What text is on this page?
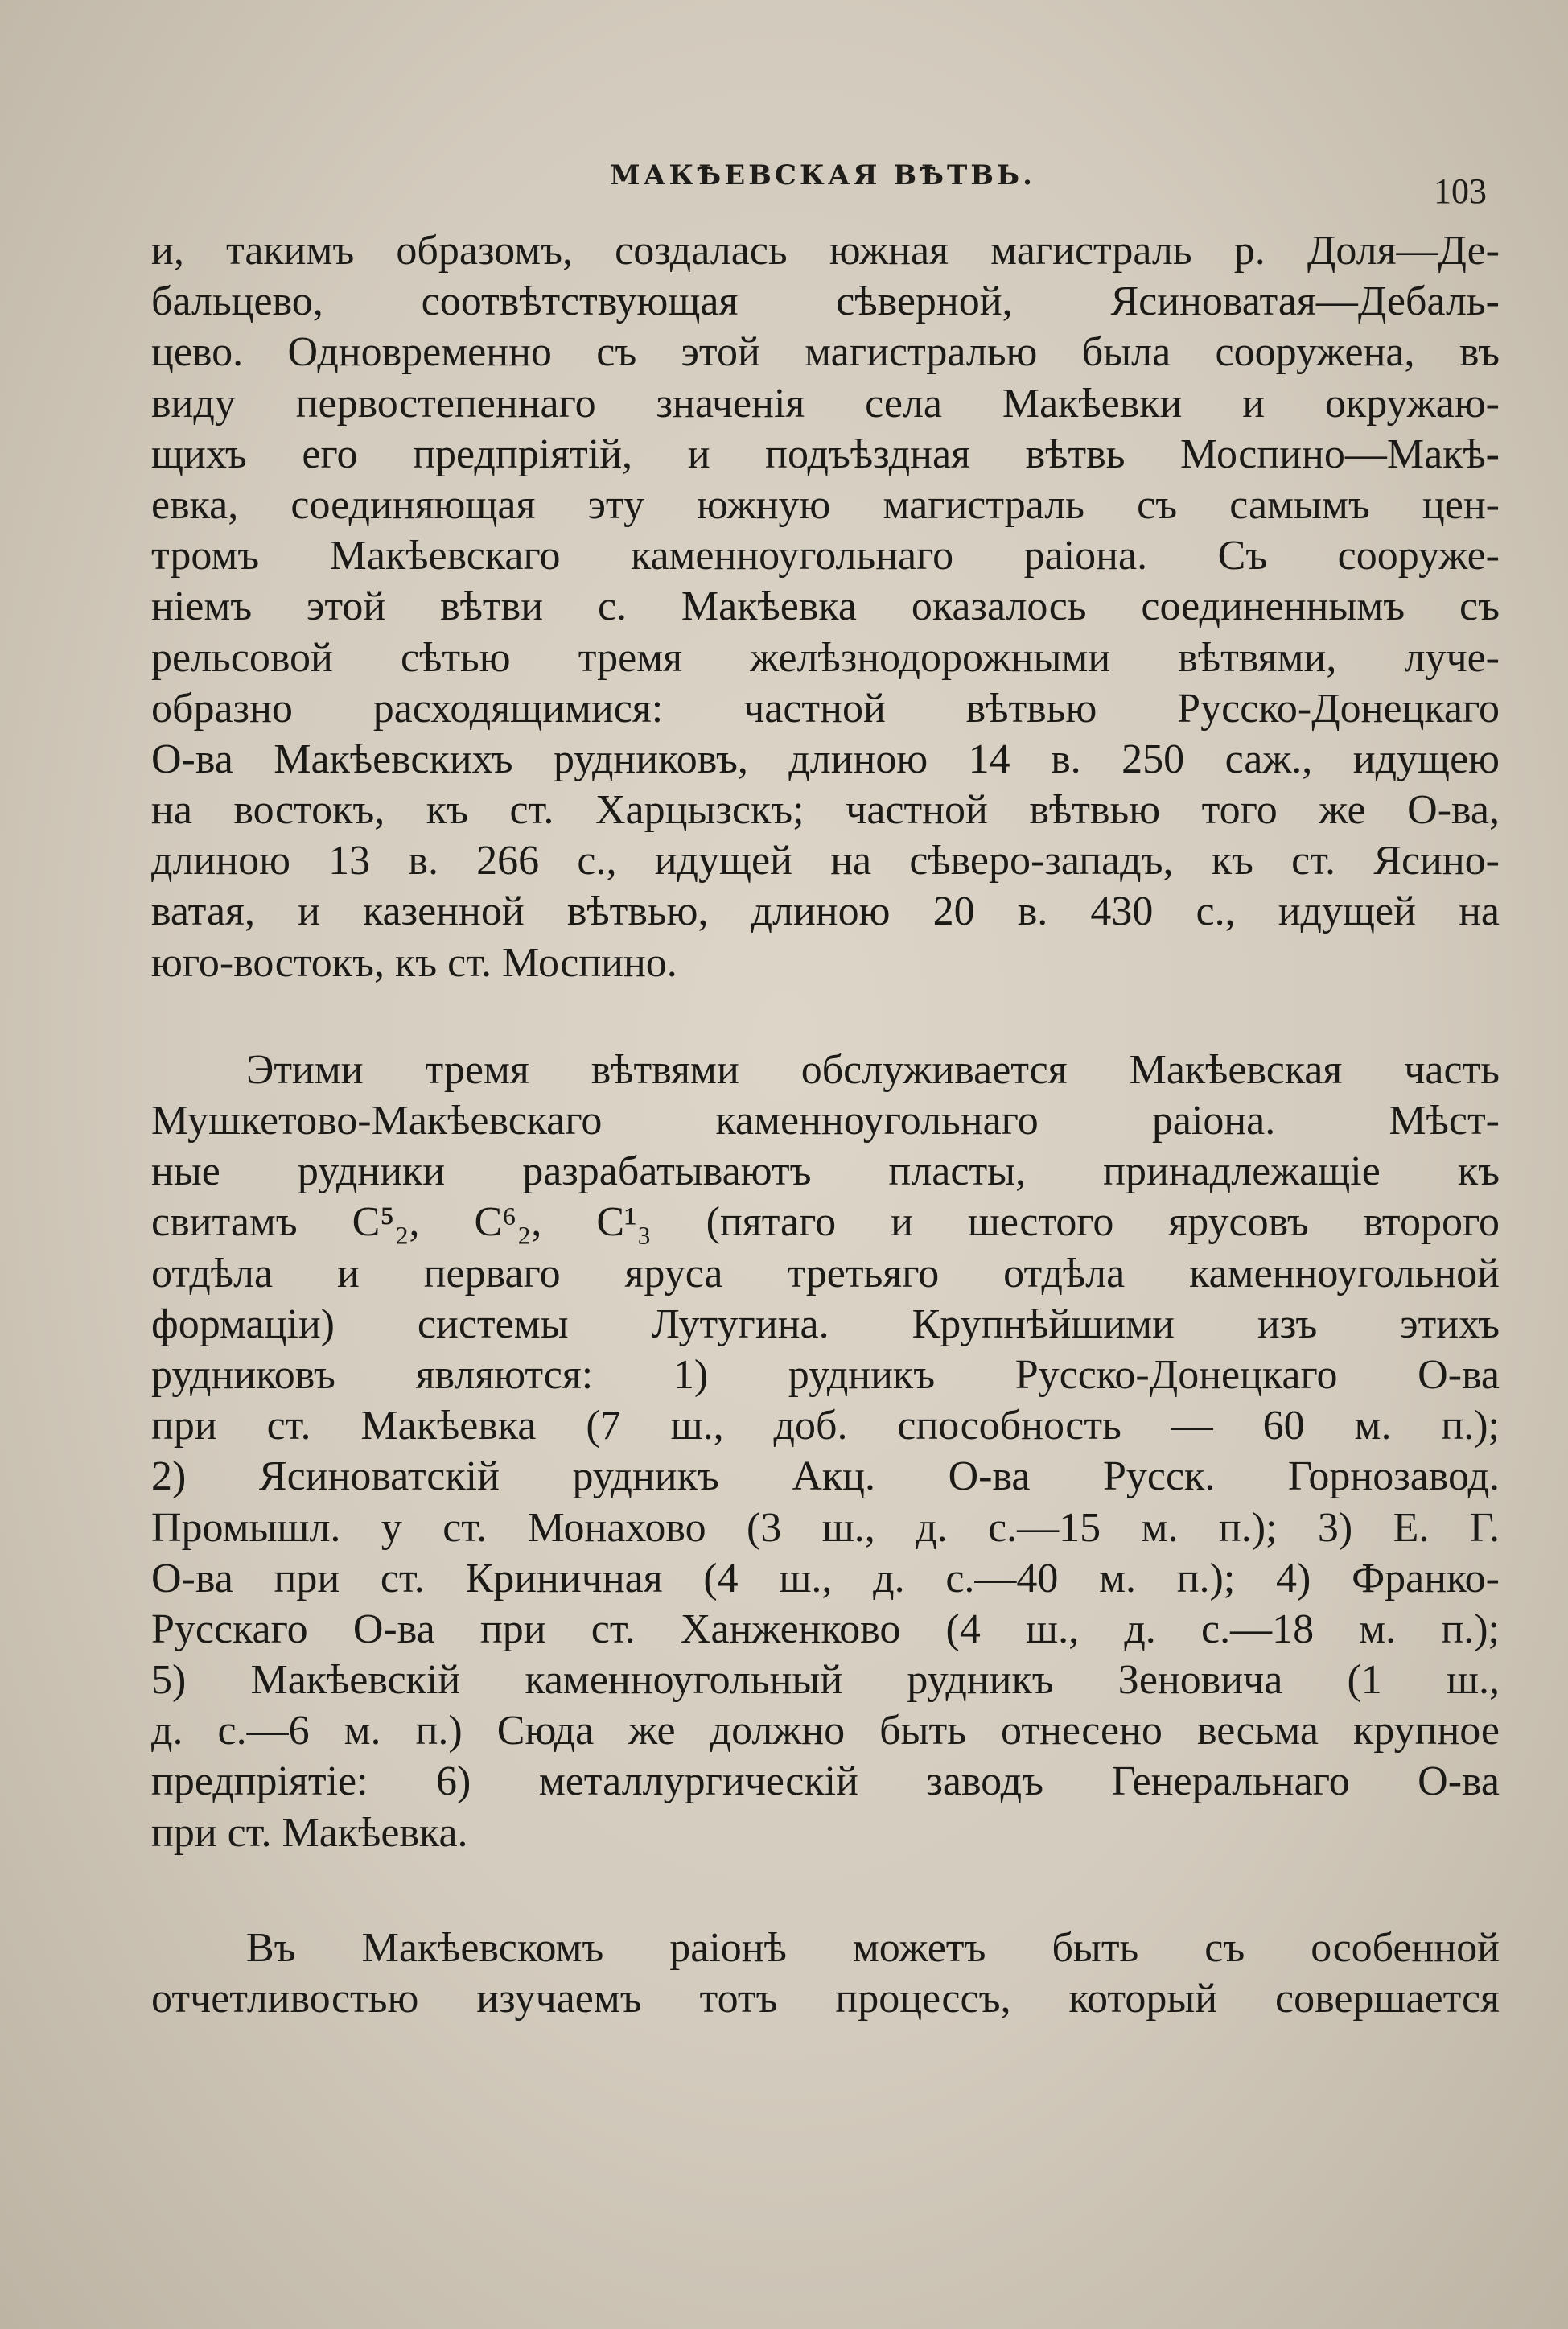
МАКѢЕВСКАЯ ВѢТВЬ.	103
и, такимъ образомъ, создалась южная магистраль р. Доля—Де-
бальцево, соотвѣтствующая сѣверной, Ясиноватая—Дебаль-
цево. Одновременно съ этой магистралью была сооружена, въ
виду первостепеннаго значенія села Макѣевки и окружаю-
щихъ его предпріятій, и подъѣздная вѣтвь Моспино—Макѣ-
евка, соединяющая эту южную магистраль съ самымъ цен-
тромъ Макѣевскаго каменноугольнаго раіона. Съ сооруже-
ніемъ этой вѣтви с. Макѣевка оказалось соединеннымъ съ
рельсовой сѣтью тремя желѣзнодорожными вѣтвями, луче-
образно расходящимися: частной вѣтвью Русско-Донецкаго
О-ва Макѣевскихъ рудниковъ, длиною 14 в. 250 саж., идущею
на востокъ, къ ст. Харцызскъ; частной вѣтвью того же О-ва,
длиною 13 в. 266 с., идущей на сѣверо-западъ, къ ст. Ясино-
ватая, и казенной вѣтвью, длиною 20 в. 430 с., идущей на
юго-востокъ, къ ст. Моспино.
Этими тремя вѣтвями обслуживается Макѣевская часть
Мушкетово-Макѣевскаго каменноугольнаго раіона. Мѣст-
ные рудники разрабатываютъ пласты, принадлежащіе къ
свитамъ C⁵₂, C⁶₂, C¹₃ (пятаго и шестого ярусовъ второго
отдѣла и перваго яруса третьяго отдѣла каменноугольной
формаціи) системы Лутугина. Крупнѣйшими изъ этихъ
рудниковъ являются: 1) рудникъ Русско-Донецкаго О-ва
при ст. Макѣевка (7 ш., доб. способность — 60 м. п.);
2) Ясиноватскій рудникъ Акц. О-ва Русск. Горнозавод.
Промышл. у ст. Монахово (3 ш., д. с.—15 м. п.); 3) Е. Г.
О-ва при ст. Криничная (4 ш., д. с.—40 м. п.); 4) Франко-
Русскаго О-ва при ст. Ханженково (4 ш., д. с.—18 м. п.);
5) Макѣевскій каменноугольный рудникъ Зеновича (1 ш.,
д. с.—6 м. п.) Сюда же должно быть отнесено весьма крупное
предпріятіе: 6) металлургическій заводъ Генеральнаго О-ва
при ст. Макѣевка.
Въ Макѣевскомъ раіонѣ можетъ быть съ особенной
отчетливостью изучаемъ тотъ процессъ, который совершается
